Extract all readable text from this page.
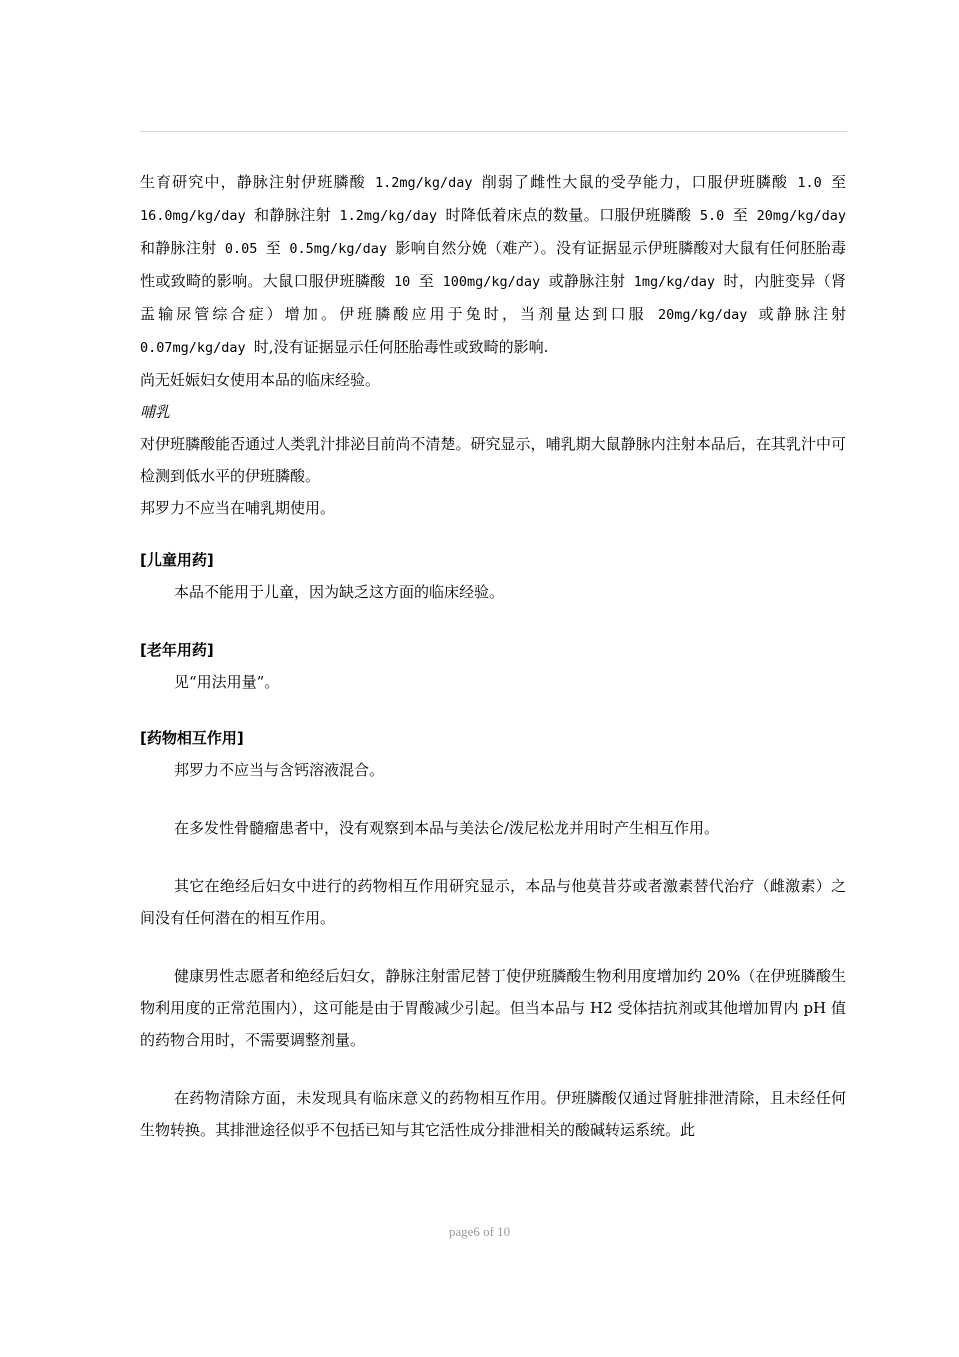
生育研究中，静脉注射伊班膦酸 1.2mg/kg/day 削弱了雌性大鼠的受孕能力，口服伊班膦酸 1.0 至 16.0mg/kg/day 和静脉注射 1.2mg/kg/day 时降低着床点的数量。口服伊班膦酸 5.0 至 20mg/kg/day 和静脉注射 0.05 至 0.5mg/kg/day 影响自然分娩（难产）。没有证据显示伊班膦酸对大鼠有任何胚胎毒性或致畸的影响。大鼠口服伊班膦酸 10 至 100mg/kg/day 或静脉注射 1mg/kg/day 时，内脏变异（肾盂输尿管综合症）增加。伊班膦酸应用于兔时，当剂量达到口服 20mg/kg/day 或静脉注射 0.07mg/kg/day 时,没有证据显示任何胚胎毒性或致畸的影响.

尚无妊娠妇女使用本品的临床经验。

哺乳

对伊班膦酸能否通过人类乳汁排泌目前尚不清楚。研究显示，哺乳期大鼠静脉内注射本品后，在其乳汁中可检测到低水平的伊班膦酸。

邦罗力不应当在哺乳期使用。

[儿童用药]

本品不能用于儿童，因为缺乏这方面的临床经验。

[老年用药]

见“用法用量”。

[药物相互作用]

邦罗力不应当与含钙溶液混合。

在多发性骨髓瘤患者中，没有观察到本品与美法仑/泼尼松龙并用时产生相互作用。

其它在绝经后妇女中进行的药物相互作用研究显示，本品与他莫昔芬或者激素替代治疗（雌激素）之间没有任何潜在的相互作用。

健康男性志愿者和绝经后妇女，静脉注射雷尼替丁使伊班膦酸生物利用度增加约 20%（在伊班膦酸生物利用度的正常范围内），这可能是由于胃酸减少引起。但当本品与 H2 受体拮抗剂或其他增加胃内 pH 值的药物合用时，不需要调整剂量。

在药物清除方面，未发现具有临床意义的药物相互作用。伊班膦酸仅通过肾脏排泄清除，且未经任何生物转换。其排泄途径似乎不包括已知与其它活性成分排泄相关的酸碱转运系统。此

page6 of 10
